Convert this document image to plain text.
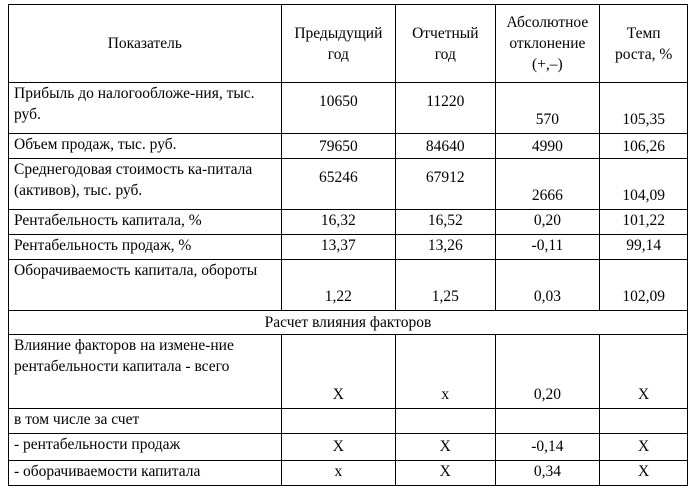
Показатель	Предыдущий год	Отчетный год	Абсолютное отклонение (+,–)	Темп роста, %
Прибыль до налогообложе-ния, тыс. руб.	10650	11220	570	105,35
Объем продаж, тыс. руб.	79650	84640	4990	106,26
Среднегодовая стоимость ка-питала (активов), тыс. руб.	65246	67912	2666	104,09
Рентабельность капитала, %	16,32	16,52	0,20	101,22
Рентабельность продаж, %	13,37	13,26	-0,11	99,14
Оборачиваемость капитала, обороты	1,22	1,25	0,03	102,09
Расчет влияния факторов				
Влияние факторов на измене-ние рентабельности капитала - всего	X	x	0,20	X
в том числе за счет				
- рентабельности продаж	X	X	-0,14	X
- оборачиваемости капитала	x	X	0,34	X
